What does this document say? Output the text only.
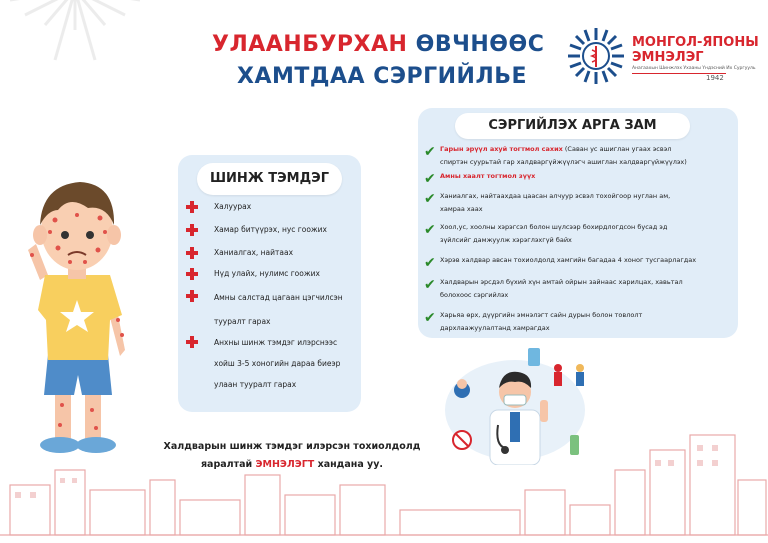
УЛААНБУРХАН ӨВЧНӨӨС
ХАМТДАА СЭРГИЙЛЬЕ
МОНГОЛ-ЯПОНЫ
ЭМНЭЛЭГ
Анагаахын Шинжлэх Ухааны Үндэсний Их Сургууль
1942
ШИНЖ ТЭМДЭГ
Халуурах
Хамар битүүрэх, нус гоожих
Ханиалгах, найтаах
Нүд улайх, нулимс гоожих
Амны салстад цагаан цэгчилсэн
тууралт гарах
Анхны шинж тэмдэг илэрснээс
хойш 3-5 хоногийн дараа биеэр
улаан тууралт гарах
СЭРГИЙЛЭХ АРГА ЗАМ
✔ Гарын эрүүл ахуй тогтмол сахих (Саван ус ашиглан угаах эсвэл
спиртэн суурьтай гар халдваргүйжүүлэгч ашиглан халдваргүйжүүлэх)
✔ Амны хаалт тогтмол зүүх
✔ Ханиалгах, найтаахдаа цаасан алчуур эсвэл тохойгоор нуглан ам,
хамраа хаах
✔ Хоол,ус, хоолны хэрэгсэл болон шүлсээр бохирдлогдсон бусад эд
зүйлсийг дамжуулж хэрэглэхгүй байх
✔ Хэрэв халдвар авсан тохиолдолд хамгийн багадаа 4 хоног тусгаарлагдах
✔ Халдварын эрсдэл бүхий хүн амтай ойрын зайнаас харилцах, хавьтал
болохоос сэргийлэх
✔ Харьяа өрх, дүүргийн эмнэлэгт сайн дурын болон товлолт
дархлаажуулалтанд хамрагдах
Халдварын шинж тэмдэг илэрсэн тохиолдолд
яаралтай ЭМНЭЛЭГТ хандана уу.
